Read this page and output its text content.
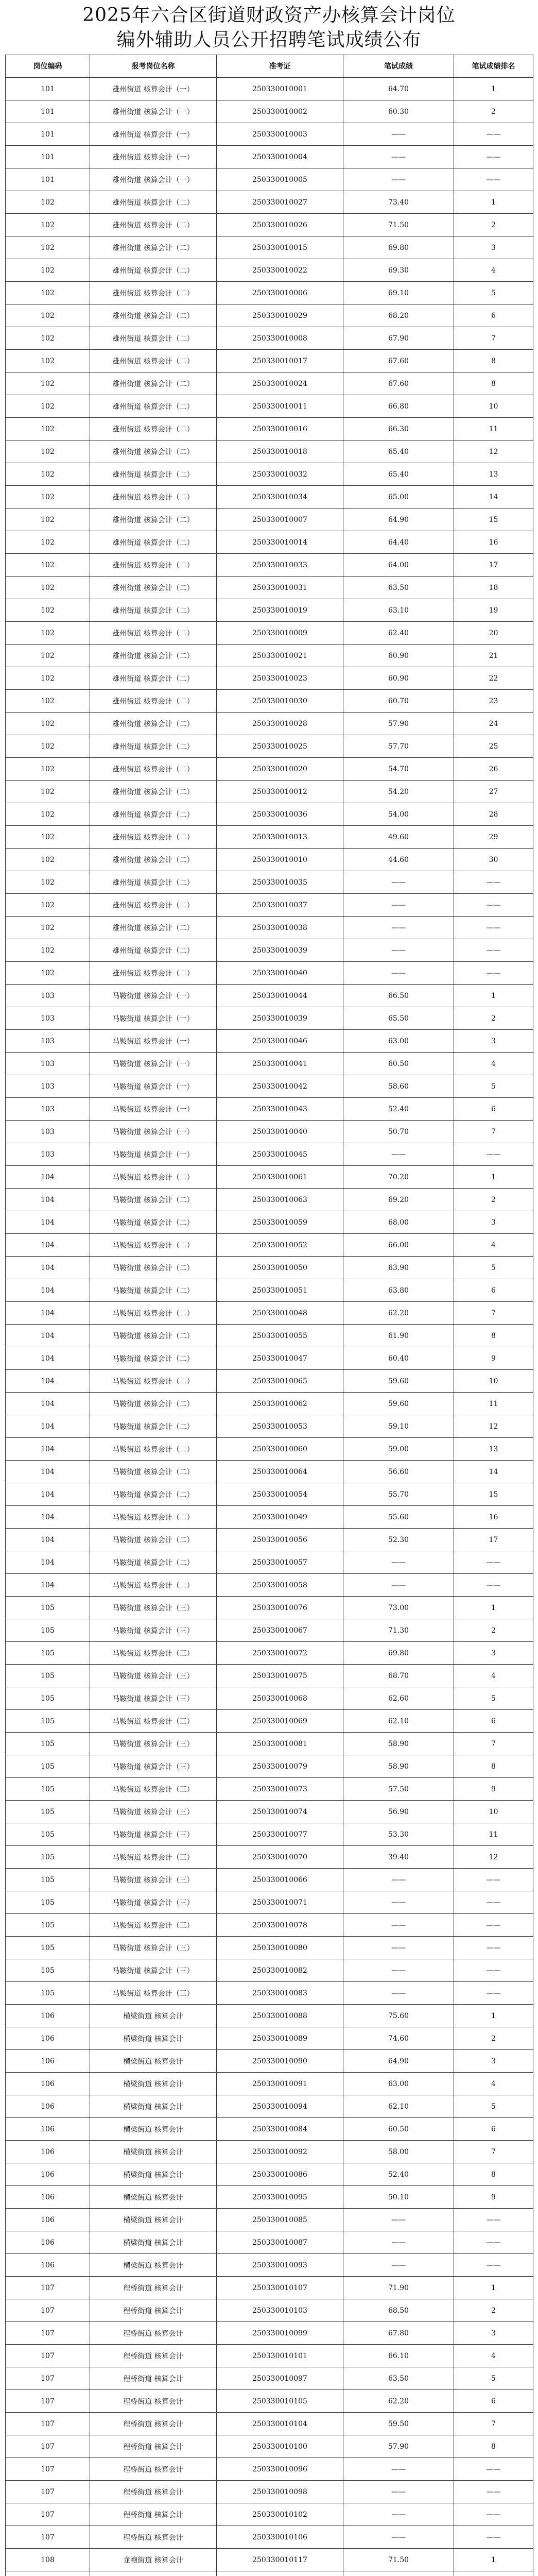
2025年六合区街道财政资产办核算会计岗位
编外辅助人员公开招聘笔试成绩公布
岗位编码	报考岗位名称	准考证	笔试成绩	笔试成绩排名
101	雄州街道 核算会计（一）	250330010001	64.70	1
101	雄州街道 核算会计（一）	250330010002	60.30	2
101	雄州街道 核算会计（一）	250330010003	——	——
101	雄州街道 核算会计（一）	250330010004	——	——
101	雄州街道 核算会计（一）	250330010005	——	——
102	雄州街道 核算会计（二）	250330010027	73.40	1
102	雄州街道 核算会计（二）	250330010026	71.50	2
102	雄州街道 核算会计（二）	250330010015	69.80	3
102	雄州街道 核算会计（二）	250330010022	69.30	4
102	雄州街道 核算会计（二）	250330010006	69.10	5
102	雄州街道 核算会计（二）	250330010029	68.20	6
102	雄州街道 核算会计（二）	250330010008	67.90	7
102	雄州街道 核算会计（二）	250330010017	67.60	8
102	雄州街道 核算会计（二）	250330010024	67.60	8
102	雄州街道 核算会计（二）	250330010011	66.80	10
102	雄州街道 核算会计（二）	250330010016	66.30	11
102	雄州街道 核算会计（二）	250330010018	65.40	12
102	雄州街道 核算会计（二）	250330010032	65.40	13
102	雄州街道 核算会计（二）	250330010034	65.00	14
102	雄州街道 核算会计（二）	250330010007	64.90	15
102	雄州街道 核算会计（二）	250330010014	64.40	16
102	雄州街道 核算会计（二）	250330010033	64.00	17
102	雄州街道 核算会计（二）	250330010031	63.50	18
102	雄州街道 核算会计（二）	250330010019	63.10	19
102	雄州街道 核算会计（二）	250330010009	62.40	20
102	雄州街道 核算会计（二）	250330010021	60.90	21
102	雄州街道 核算会计（二）	250330010023	60.90	22
102	雄州街道 核算会计（二）	250330010030	60.70	23
102	雄州街道 核算会计（二）	250330010028	57.90	24
102	雄州街道 核算会计（二）	250330010025	57.70	25
102	雄州街道 核算会计（二）	250330010020	54.70	26
102	雄州街道 核算会计（二）	250330010012	54.20	27
102	雄州街道 核算会计（二）	250330010036	54.00	28
102	雄州街道 核算会计（二）	250330010013	49.60	29
102	雄州街道 核算会计（二）	250330010010	44.60	30
102	雄州街道 核算会计（二）	250330010035	——	——
102	雄州街道 核算会计（二）	250330010037	——	——
102	雄州街道 核算会计（二）	250330010038	——	——
102	雄州街道 核算会计（二）	250330010039	——	——
102	雄州街道 核算会计（二）	250330010040	——	——
103	马鞍街道 核算会计（一）	250330010044	66.50	1
103	马鞍街道 核算会计（一）	250330010039	65.50	2
103	马鞍街道 核算会计（一）	250330010046	63.00	3
103	马鞍街道 核算会计（一）	250330010041	60.50	4
103	马鞍街道 核算会计（一）	250330010042	58.60	5
103	马鞍街道 核算会计（一）	250330010043	52.40	6
103	马鞍街道 核算会计（一）	250330010040	50.70	7
103	马鞍街道 核算会计（一）	250330010045	——	——
104	马鞍街道 核算会计（二）	250330010061	70.20	1
104	马鞍街道 核算会计（二）	250330010063	69.20	2
104	马鞍街道 核算会计（二）	250330010059	68.00	3
104	马鞍街道 核算会计（二）	250330010052	66.00	4
104	马鞍街道 核算会计（二）	250330010050	63.90	5
104	马鞍街道 核算会计（二）	250330010051	63.80	6
104	马鞍街道 核算会计（二）	250330010048	62.20	7
104	马鞍街道 核算会计（二）	250330010055	61.90	8
104	马鞍街道 核算会计（二）	250330010047	60.40	9
104	马鞍街道 核算会计（二）	250330010065	59.60	10
104	马鞍街道 核算会计（二）	250330010062	59.60	11
104	马鞍街道 核算会计（二）	250330010053	59.10	12
104	马鞍街道 核算会计（二）	250330010060	59.00	13
104	马鞍街道 核算会计（二）	250330010064	56.60	14
104	马鞍街道 核算会计（二）	250330010054	55.70	15
104	马鞍街道 核算会计（二）	250330010049	55.60	16
104	马鞍街道 核算会计（二）	250330010056	52.30	17
104	马鞍街道 核算会计（二）	250330010057	——	——
104	马鞍街道 核算会计（二）	250330010058	——	——
105	马鞍街道 核算会计（三）	250330010076	73.00	1
105	马鞍街道 核算会计（三）	250330010067	71.30	2
105	马鞍街道 核算会计（三）	250330010072	69.80	3
105	马鞍街道 核算会计（三）	250330010075	68.70	4
105	马鞍街道 核算会计（三）	250330010068	62.60	5
105	马鞍街道 核算会计（三）	250330010069	62.10	6
105	马鞍街道 核算会计（三）	250330010081	58.90	7
105	马鞍街道 核算会计（三）	250330010079	58.90	8
105	马鞍街道 核算会计（三）	250330010073	57.50	9
105	马鞍街道 核算会计（三）	250330010074	56.90	10
105	马鞍街道 核算会计（三）	250330010077	53.30	11
105	马鞍街道 核算会计（三）	250330010070	39.40	12
105	马鞍街道 核算会计（三）	250330010066	——	——
105	马鞍街道 核算会计（三）	250330010071	——	——
105	马鞍街道 核算会计（三）	250330010078	——	——
105	马鞍街道 核算会计（三）	250330010080	——	——
105	马鞍街道 核算会计（三）	250330010082	——	——
105	马鞍街道 核算会计（三）	250330010083	——	——
106	横梁街道 核算会计	250330010088	75.60	1
106	横梁街道 核算会计	250330010089	74.60	2
106	横梁街道 核算会计	250330010090	64.90	3
106	横梁街道 核算会计	250330010091	63.00	4
106	横梁街道 核算会计	250330010094	62.10	5
106	横梁街道 核算会计	250330010084	60.50	6
106	横梁街道 核算会计	250330010092	58.00	7
106	横梁街道 核算会计	250330010086	52.40	8
106	横梁街道 核算会计	250330010095	50.10	9
106	横梁街道 核算会计	250330010085	——	——
106	横梁街道 核算会计	250330010087	——	——
106	横梁街道 核算会计	250330010093	——	——
107	程桥街道 核算会计	250330010107	71.90	1
107	程桥街道 核算会计	250330010103	68.50	2
107	程桥街道 核算会计	250330010099	67.80	3
107	程桥街道 核算会计	250330010101	66.10	4
107	程桥街道 核算会计	250330010097	63.50	5
107	程桥街道 核算会计	250330010105	62.20	6
107	程桥街道 核算会计	250330010104	59.50	7
107	程桥街道 核算会计	250330010100	57.90	8
107	程桥街道 核算会计	250330010096	——	——
107	程桥街道 核算会计	250330010098	——	——
107	程桥街道 核算会计	250330010102	——	——
107	程桥街道 核算会计	250330010106	——	——
108	龙袍街道 核算会计	250330010117	71.50	1
